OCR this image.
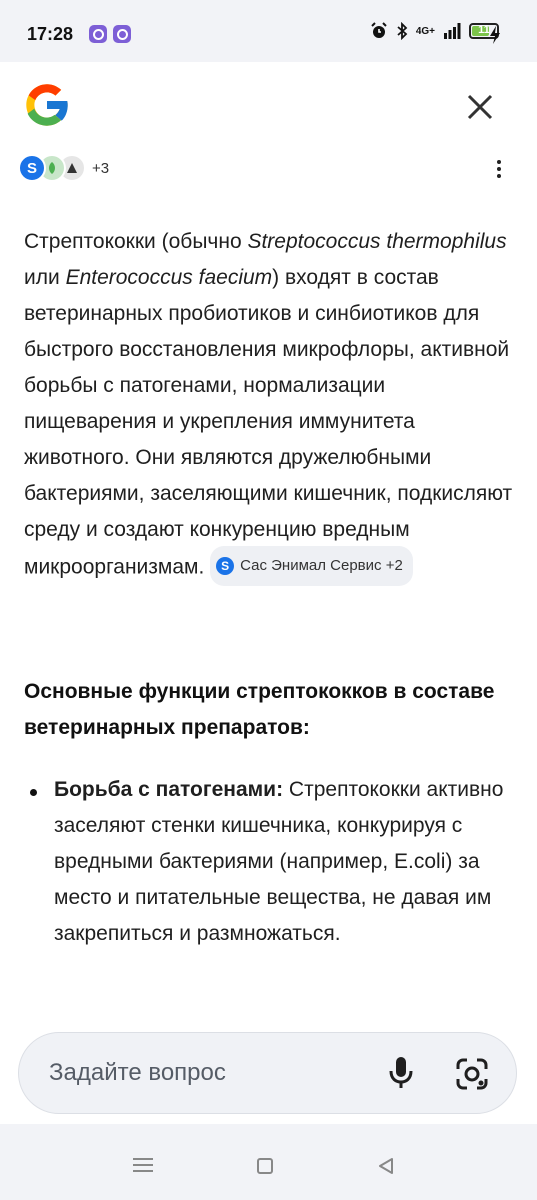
17:28	4G+	11
S	+3
Стрептококки (обычно Streptococcus thermophilus или Enterococcus faecium) входят в состав ветеринарных пробиотиков и синбиотиков для быстрого восстановления микрофлоры, активной борьбы с патогенами, нормализации пищеварения и укрепления иммунитета животного. Они являются дружелюбными бактериями, заселяющими кишечник, подкисляют среду и создают конкуренцию вредным микроорганизмам.	S Сас Энимал Сервис +2
Основные функции стрептококков в составе ветеринарных препаратов:
Борьба с патогенами: Стрептококки активно заселяют стенки кишечника, конкурируя с вредными бактериями (например, E.coli) за место и питательные вещества, не давая им закрепиться и размножаться.
Задайте вопрос
